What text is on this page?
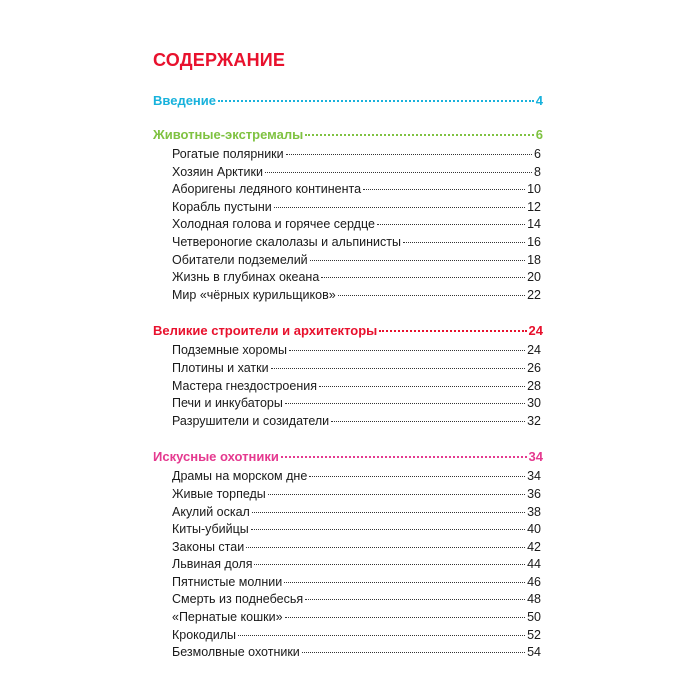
СОДЕРЖАНИЕ
Введение	4
Животные-экстремалы	6
Рогатые полярники	6
Хозяин Арктики	8
Аборигены ледяного континента	10
Корабль пустыни	12
Холодная голова и горячее сердце	14
Четвероногие скалолазы и альпинисты	16
Обитатели подземелий	18
Жизнь в глубинах океана	20
Мир «чёрных курильщиков»	22
Великие строители и архитекторы	24
Подземные хоромы	24
Плотины и хатки	26
Мастера гнездостроения	28
Печи и инкубаторы	30
Разрушители и созидатели	32
Искусные охотники	34
Драмы на морском дне	34
Живые торпеды	36
Акулий оскал	38
Киты-убийцы	40
Законы стаи	42
Львиная доля	44
Пятнистые молнии	46
Смерть из поднебесья	48
«Пернатые кошки»	50
Крокодилы	52
Безмолвные охотники	54
